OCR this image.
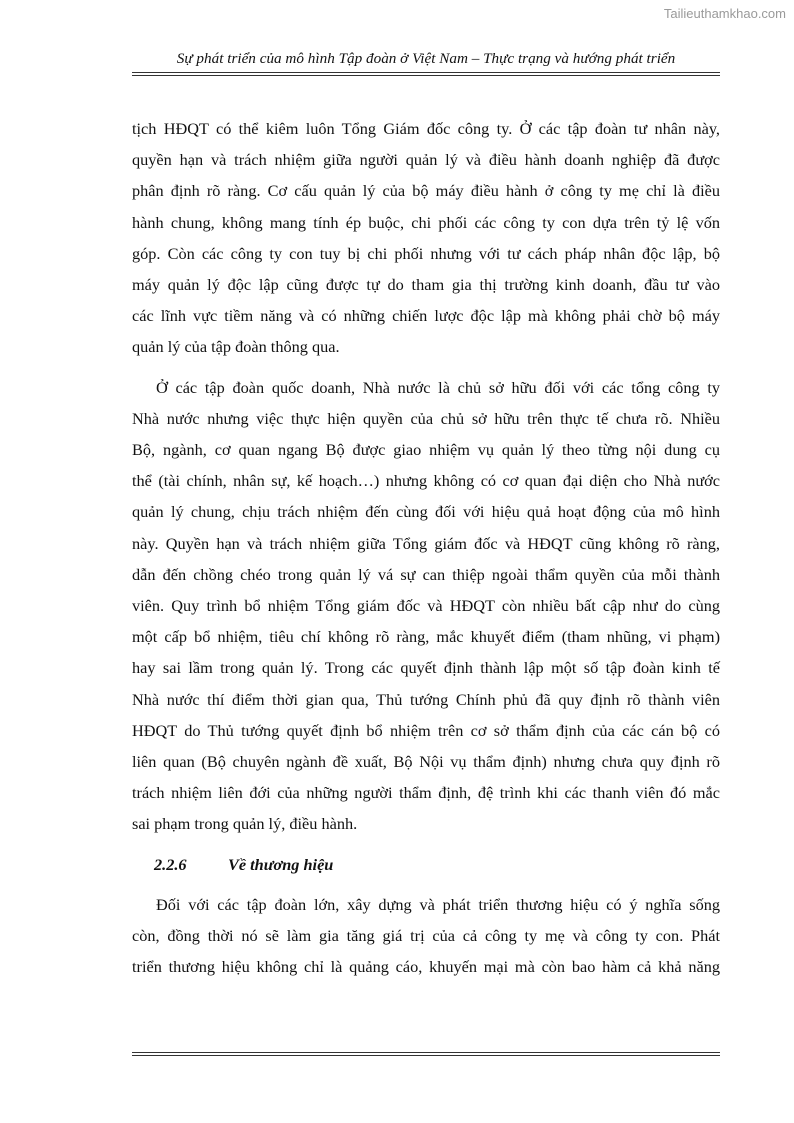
Tailieuthamkhao.com
Sự phát triển của mô hình Tập đoàn ở Việt Nam – Thực trạng và hướng phát triển
tịch HĐQT có thể kiêm luôn Tổng Giám đốc công ty. Ở các tập đoàn tư nhân này,
quyền hạn và trách nhiệm giữa người quản lý và điều hành doanh nghiệp đã được
phân định rõ ràng. Cơ cấu quản lý của bộ máy điều hành ở công ty mẹ chỉ là điều
hành chung, không mang tính ép buộc, chi phối các công ty con dựa trên tỷ lệ vốn
góp. Còn các công ty con tuy bị chi phối nhưng với tư cách pháp nhân độc lập, bộ
máy quản lý độc lập cũng được tự do tham gia thị trường kinh doanh, đầu tư vào
các lĩnh vực tiềm năng và có những chiến lược độc lập mà không phải chờ bộ máy
quản lý của tập đoàn thông qua.
Ở các tập đoàn quốc doanh, Nhà nước là chủ sở hữu đối với các tổng công ty
Nhà nước nhưng việc thực hiện quyền của chủ sở hữu trên thực tế chưa rõ. Nhiều
Bộ, ngành, cơ quan ngang Bộ được giao nhiệm vụ quản lý theo từng nội dung cụ
thể (tài chính, nhân sự, kế hoạch…) nhưng không có cơ quan đại diện cho Nhà nước
quản lý chung, chịu trách nhiệm đến cùng đối với hiệu quả hoạt động của mô hình
này. Quyền hạn và trách nhiệm giữa Tổng giám đốc và HĐQT cũng không rõ ràng,
dẫn đến chồng chéo trong quản lý vá sự can thiệp ngoài thẩm quyền của mỗi thành
viên. Quy trình bổ nhiệm Tổng giám đốc và HĐQT còn nhiều bất cập như do cùng
một cấp bổ nhiệm, tiêu chí không rõ ràng, mắc khuyết điểm (tham nhũng, vi phạm)
hay sai lầm trong quản lý. Trong các quyết định thành lập một số tập đoàn kinh tế
Nhà nước thí điểm thời gian qua, Thủ tướng Chính phủ đã quy định rõ thành viên
HĐQT do Thủ tướng quyết định bổ nhiệm trên cơ sở thẩm định của các cán bộ có
liên quan (Bộ chuyên ngành đề xuất, Bộ Nội vụ thẩm định) nhưng chưa quy định rõ
trách nhiệm liên đới của những người thẩm định, đệ trình khi các thanh viên đó mắc
sai phạm trong quản lý, điều hành.
2.2.6	Về thương hiệu
Đối với các tập đoàn lớn, xây dựng và phát triển thương hiệu có ý nghĩa sống
còn, đồng thời nó sẽ làm gia tăng giá trị của cả công ty mẹ và công ty con. Phát
triển thương hiệu không chỉ là quảng cáo, khuyến mại mà còn bao hàm cả khả năng
